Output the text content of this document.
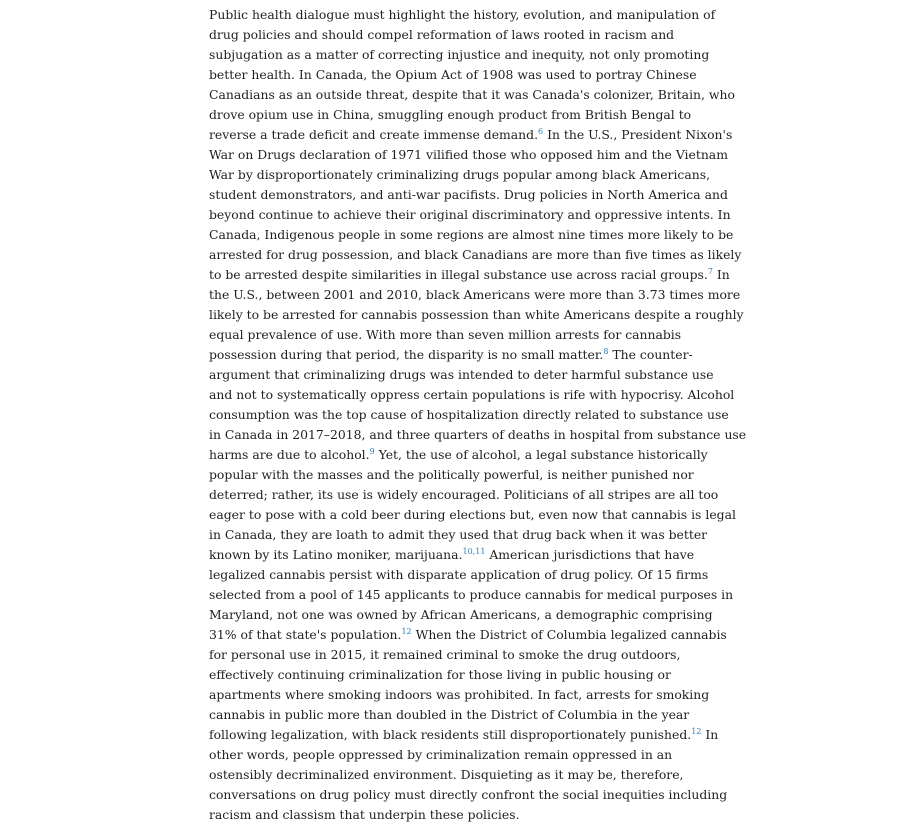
Public health dialogue must highlight the history, evolution, and manipulation of
drug policies and should compel reformation of laws rooted in racism and
subjugation as a matter of correcting injustice and inequity, not only promoting
better health. In Canada, the Opium Act of 1908 was used to portray Chinese
Canadians as an outside threat, despite that it was Canada's colonizer, Britain, who
drove opium use in China, smuggling enough product from British Bengal to
reverse a trade deficit and create immense demand.$^6$ In the U.S., President Nixon's
War on Drugs declaration of 1971 vilified those who opposed him and the Vietnam
War by disproportionately criminalizing drugs popular among black Americans,
student demonstrators, and anti-war pacifists. Drug policies in North America and
beyond continue to achieve their original discriminatory and oppressive intents. In
Canada, Indigenous people in some regions are almost nine times more likely to be
arrested for drug possession, and black Canadians are more than five times as likely
to be arrested despite similarities in illegal substance use across racial groups.$^7$ In
the U.S., between 2001 and 2010, black Americans were more than 3.73 times more
likely to be arrested for cannabis possession than white Americans despite a roughly
equal prevalence of use. With more than seven million arrests for cannabis
possession during that period, the disparity is no small matter.$^8$ The counter-
argument that criminalizing drugs was intended to deter harmful substance use
and not to systematically oppress certain populations is rife with hypocrisy. Alcohol
consumption was the top cause of hospitalization directly related to substance use
in Canada in 2017–2018, and three quarters of deaths in hospital from substance use
harms are due to alcohol.$^9$ Yet, the use of alcohol, a legal substance historically
popular with the masses and the politically powerful, is neither punished nor
deterred; rather, its use is widely encouraged. Politicians of all stripes are all too
eager to pose with a cold beer during elections but, even now that cannabis is legal
in Canada, they are loath to admit they used that drug back when it was better
known by its Latino moniker, marijuana.$^{10,11}$ American jurisdictions that have
legalized cannabis persist with disparate application of drug policy. Of 15 firms
selected from a pool of 145 applicants to produce cannabis for medical purposes in
Maryland, not one was owned by African Americans, a demographic comprising
31% of that state's population.$^{12}$ When the District of Columbia legalized cannabis
for personal use in 2015, it remained criminal to smoke the drug outdoors,
effectively continuing criminalization for those living in public housing or
apartments where smoking indoors was prohibited. In fact, arrests for smoking
cannabis in public more than doubled in the District of Columbia in the year
following legalization, with black residents still disproportionately punished.$^{12}$ In
other words, people oppressed by criminalization remain oppressed in an
ostensibly decriminalized environment. Disquieting as it may be, therefore,
conversations on drug policy must directly confront the social inequities including
racism and classism that underpin these policies.
